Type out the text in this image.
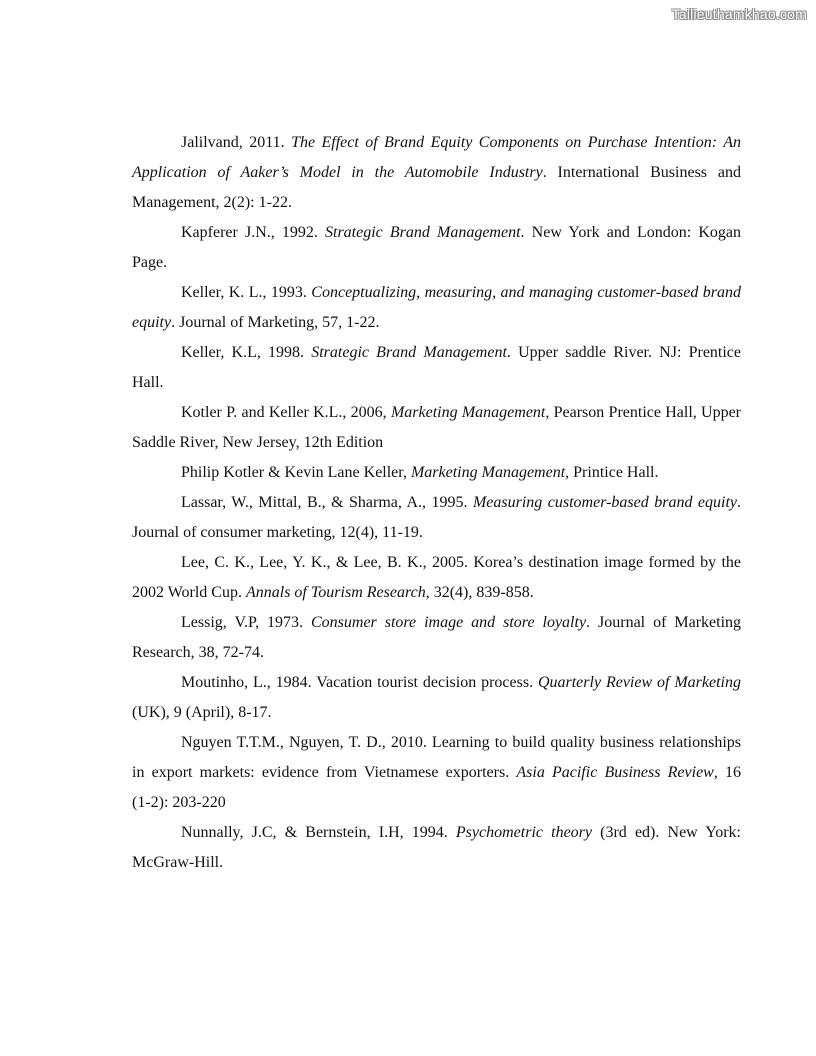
Tailieuthamkhao.com

Jalilvand, 2011. The Effect of Brand Equity Components on Purchase Intention: An Application of Aaker’s Model in the Automobile Industry. International Business and Management, 2(2): 1-22.

Kapferer J.N., 1992. Strategic Brand Management. New York and London: Kogan Page.

Keller, K. L., 1993. Conceptualizing, measuring, and managing customer-based brand equity. Journal of Marketing, 57, 1-22.

Keller, K.L, 1998. Strategic Brand Management. Upper saddle River. NJ: Prentice Hall.

Kotler P. and Keller K.L., 2006, Marketing Management, Pearson Prentice Hall, Upper Saddle River, New Jersey, 12th Edition

Philip Kotler & Kevin Lane Keller, Marketing Management, Printice Hall.

Lassar, W., Mittal, B., & Sharma, A., 1995. Measuring customer-based brand equity. Journal of consumer marketing, 12(4), 11-19.

Lee, C. K., Lee, Y. K., & Lee, B. K., 2005. Korea’s destination image formed by the 2002 World Cup. Annals of Tourism Research, 32(4), 839-858.

Lessig, V.P, 1973. Consumer store image and store loyalty. Journal of Marketing Research, 38, 72-74.

Moutinho, L., 1984. Vacation tourist decision process. Quarterly Review of Marketing (UK), 9 (April), 8-17.

Nguyen T.T.M., Nguyen, T. D., 2010. Learning to build quality business relationships in export markets: evidence from Vietnamese exporters. Asia Pacific Business Review, 16 (1‑2): 203‑220

Nunnally, J.C, & Bernstein, I.H, 1994. Psychometric theory (3rd ed). New York: McGraw-Hill.
